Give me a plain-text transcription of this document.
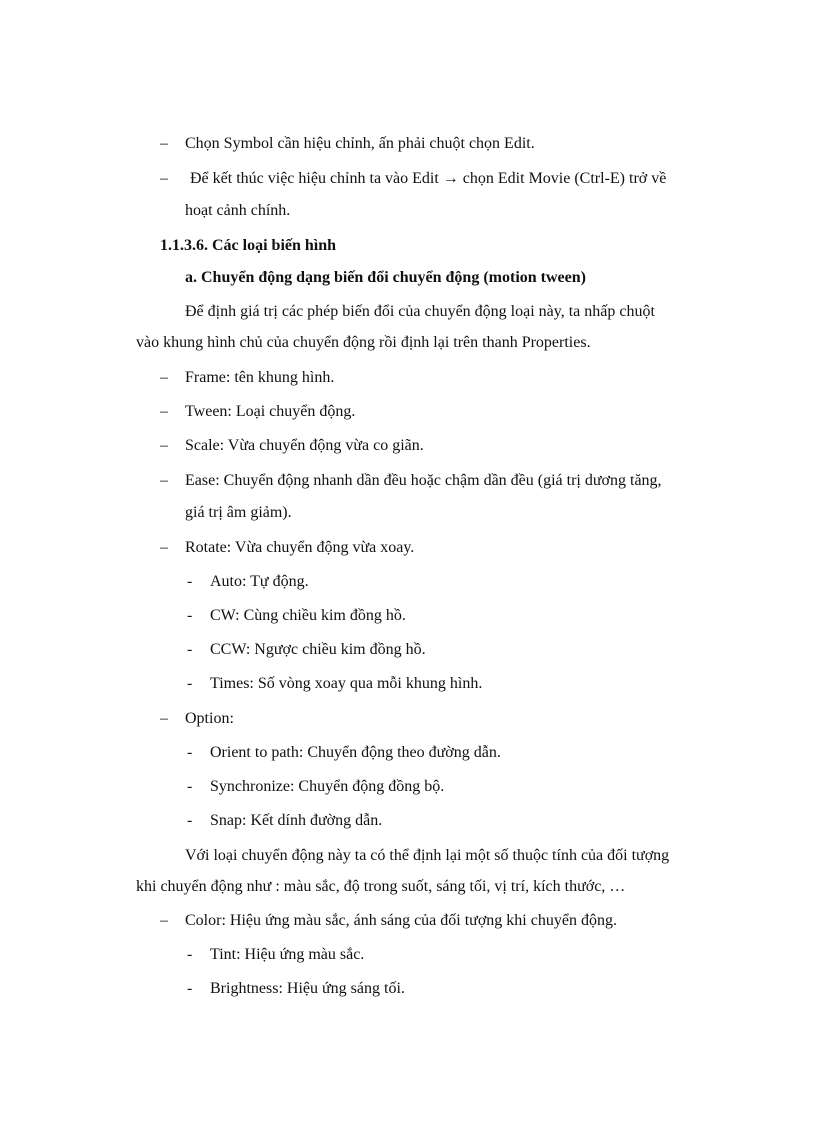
– Chọn Symbol cần hiệu chỉnh, ấn phải chuột chọn Edit.
– Để kết thúc việc hiệu chỉnh ta vào Edit → chọn Edit Movie (Ctrl-E) trở về
hoạt cảnh chính.
1.1.3.6. Các loại biến hình
a. Chuyển động dạng biến đổi chuyển động (motion tween)
Để định giá trị các phép biến đổi của chuyển động loại này, ta nhấp chuột
vào khung hình chủ của chuyển động rồi định lại trên thanh Properties.
– Frame: tên khung hình.
– Tween: Loại chuyển động.
– Scale: Vừa chuyển động vừa co giãn.
– Ease: Chuyển động nhanh dần đều hoặc chậm dần đều (giá trị dương tăng,
giá trị âm giảm).
– Rotate: Vừa chuyển động vừa xoay.
- Auto: Tự động.
- CW: Cùng chiều kim đồng hồ.
- CCW: Ngược chiều kim đồng hồ.
- Times: Số vòng xoay qua mỗi khung hình.
– Option:
- Orient to path: Chuyển động theo đường dẫn.
- Synchronize: Chuyển động đồng bộ.
- Snap: Kết dính đường dẫn.
Với loại chuyển động này ta có thể định lại một số thuộc tính của đối tượng
khi chuyển động như : màu sắc, độ trong suốt, sáng tối, vị trí, kích thước, …
– Color: Hiệu ứng màu sắc, ánh sáng của đối tượng khi chuyển động.
- Tint: Hiệu ứng màu sắc.
- Brightness: Hiệu ứng sáng tối.
